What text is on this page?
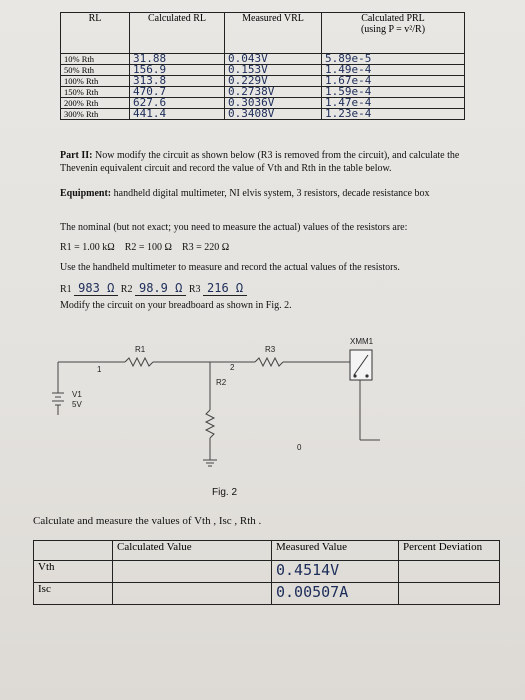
RL	Calculated RL	Measured VRL	Calculated PRL
(using P = v²/R)
10% Rth	31.88	0.043V	5.89e-5
50% Rth	156.9	0.153V	1.49e-4
100% Rth	313.8	0.229V	1.67e-4
150% Rth	470.7	0.2738V	1.59e-4
200% Rth	627.6	0.3036V	1.47e-4
300% Rth	441.4	0.3408V	1.23e-4
Part II: Now modify the circuit as shown below (R3 is removed from the circuit), and calculate the Thevenin equivalent circuit and record the value of Vth and Rth in the table below.
Equipment: handheld digital multimeter, NI elvis system, 3 resistors, decade resistance box
The nominal (but not exact; you need to measure the actual) values of the resistors are:
R1 = 1.00 kΩ    R2 = 100 Ω    R3 = 220 Ω
Use the handheld multimeter to measure and record the actual values of the resistors.
R1 983 Ω R2 98.9 Ω R3 216 Ω
Modify the circuit on your breadboard as shown in Fig. 2.
XMM1
R1	R3
R2
V1
5V
1	2
0
Fig. 2
Calculate and measure the values of Vth , Isc , Rth .
	Calculated Value	Measured Value	Percent Deviation
Vth		0.4514V	
Isc		0.00507A	
